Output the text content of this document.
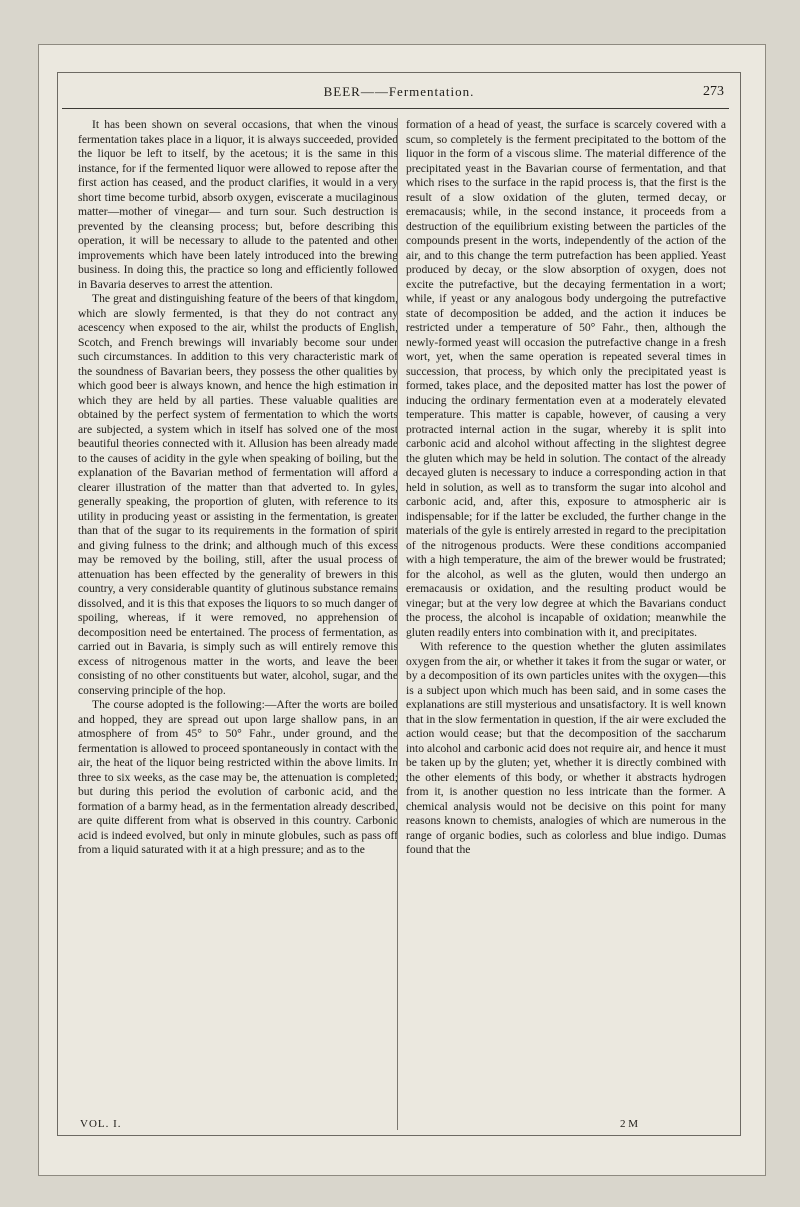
BEER——Fermentation.	273

It has been shown on several occasions, that when the vinous fermentation takes place in a liquor, it is always succeeded, provided the liquor be left to itself, by the acetous; it is the same in this instance, for if the fermented liquor were allowed to repose after the first action has ceased, and the product clarifies, it would in a very short time become turbid, absorb oxygen, eviscerate a mucilaginous matter—mother of vinegar— and turn sour. Such destruction is prevented by the cleansing process; but, before describing this operation, it will be necessary to allude to the patented and other improvements which have been lately introduced into the brewing business. In doing this, the practice so long and efficiently followed in Bavaria deserves to arrest the attention.

The great and distinguishing feature of the beers of that kingdom, which are slowly fermented, is that they do not contract any acescency when exposed to the air, whilst the products of English, Scotch, and French brewings will invariably become sour under such circumstances. In addition to this very characteristic mark of the soundness of Bavarian beers, they possess the other qualities by which good beer is always known, and hence the high estimation in which they are held by all parties. These valuable qualities are obtained by the perfect system of fermentation to which the worts are subjected, a system which in itself has solved one of the most beautiful theories connected with it. Allusion has been already made to the causes of acidity in the gyle when speaking of boiling, but the explanation of the Bavarian method of fermentation will afford a clearer illustration of the matter than that adverted to. In gyles, generally speaking, the proportion of gluten, with reference to its utility in producing yeast or assisting in the fermentation, is greater than that of the sugar to its requirements in the formation of spirit and giving fulness to the drink; and although much of this excess may be removed by the boiling, still, after the usual process of attenuation has been effected by the generality of brewers in this country, a very considerable quantity of glutinous substance remains dissolved, and it is this that exposes the liquors to so much danger of spoiling, whereas, if it were removed, no apprehension of decomposition need be entertained. The process of fermentation, as carried out in Bavaria, is simply such as will entirely remove this excess of nitrogenous matter in the worts, and leave the beer consisting of no other constituents but water, alcohol, sugar, and the conserving principle of the hop.

The course adopted is the following:—After the worts are boiled and hopped, they are spread out upon large shallow pans, in an atmosphere of from 45° to 50° Fahr., under ground, and the fermentation is allowed to proceed spontaneously in contact with the air, the heat of the liquor being restricted within the above limits. In three to six weeks, as the case may be, the attenuation is completed; but during this period the evolution of carbonic acid, and the formation of a barmy head, as in the fermentation already described, are quite different from what is observed in this country. Carbonic acid is indeed evolved, but only in minute globules, such as pass off from a liquid saturated with it at a high pressure; and as to the

formation of a head of yeast, the surface is scarcely covered with a scum, so completely is the ferment precipitated to the bottom of the liquor in the form of a viscous slime. The material difference of the precipitated yeast in the Bavarian course of fermentation, and that which rises to the surface in the rapid process is, that the first is the result of a slow oxidation of the gluten, termed decay, or eremacausis; while, in the second instance, it proceeds from a destruction of the equilibrium existing between the particles of the compounds present in the worts, independently of the action of the air, and to this change the term putrefaction has been applied. Yeast produced by decay, or the slow absorption of oxygen, does not excite the putrefactive, but the decaying fermentation in a wort; while, if yeast or any analogous body undergoing the putrefactive state of decomposition be added, and the action it induces be restricted under a temperature of 50° Fahr., then, although the newly-formed yeast will occasion the putrefactive change in a fresh wort, yet, when the same operation is repeated several times in succession, that process, by which only the precipitated yeast is formed, takes place, and the deposited matter has lost the power of inducing the ordinary fermentation even at a moderately elevated temperature. This matter is capable, however, of causing a very protracted internal action in the sugar, whereby it is split into carbonic acid and alcohol without affecting in the slightest degree the gluten which may be held in solution. The contact of the already decayed gluten is necessary to induce a corresponding action in that held in solution, as well as to transform the sugar into alcohol and carbonic acid, and, after this, exposure to atmospheric air is indispensable; for if the latter be excluded, the further change in the materials of the gyle is entirely arrested in regard to the precipitation of the nitrogenous products. Were these conditions accompanied with a high temperature, the aim of the brewer would be frustrated; for the alcohol, as well as the gluten, would then undergo an eremacausis or oxidation, and the resulting product would be vinegar; but at the very low degree at which the Bavarians conduct the process, the alcohol is incapable of oxidation; meanwhile the gluten readily enters into combination with it, and precipitates.

With reference to the question whether the gluten assimilates oxygen from the air, or whether it takes it from the sugar or water, or by a decomposition of its own particles unites with the oxygen—this is a subject upon which much has been said, and in some cases the explanations are still mysterious and unsatisfactory. It is well known that in the slow fermentation in question, if the air were excluded the action would cease; but that the decomposition of the saccharum into alcohol and carbonic acid does not require air, and hence it must be taken up by the gluten; yet, whether it is directly combined with the other elements of this body, or whether it abstracts hydrogen from it, is another question no less intricate than the former. A chemical analysis would not be decisive on this point for many reasons known to chemists, analogies of which are numerous in the range of organic bodies, such as colorless and blue indigo. Dumas found that the

VOL. I.	2 M
